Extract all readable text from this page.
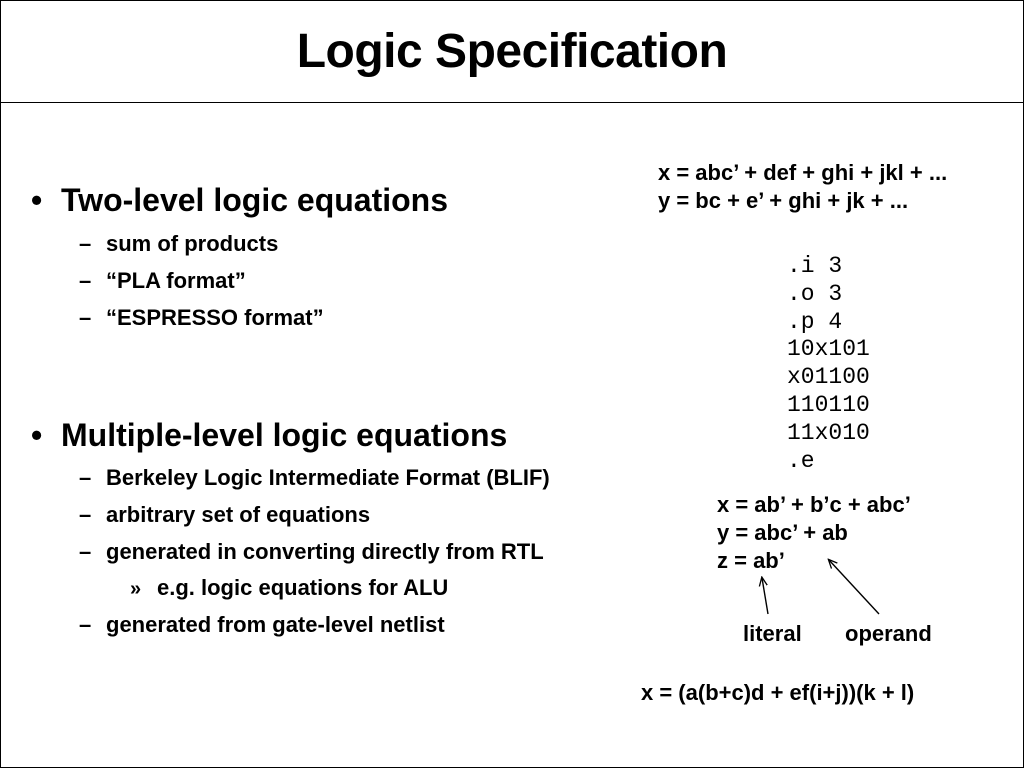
Logic Specification
• Two-level logic equations
– sum of products
– “PLA format”
– “ESPRESSO format”
• Multiple-level logic equations
– Berkeley Logic Intermediate Format (BLIF)
– arbitrary set of equations
– generated in converting directly from RTL
» e.g. logic equations for ALU
– generated from gate-level netlist
x = abc’ + def + ghi + jkl + ...
y = bc + e’ + ghi + jk + ...
.i 3
.o 3
.p 4
10x101
x01100
110110
11x010
.e
x = ab’ + b’c + abc’
y = abc’ + ab
z = ab’
literal operand
x = (a(b+c)d + ef(i+j))(k + l)
